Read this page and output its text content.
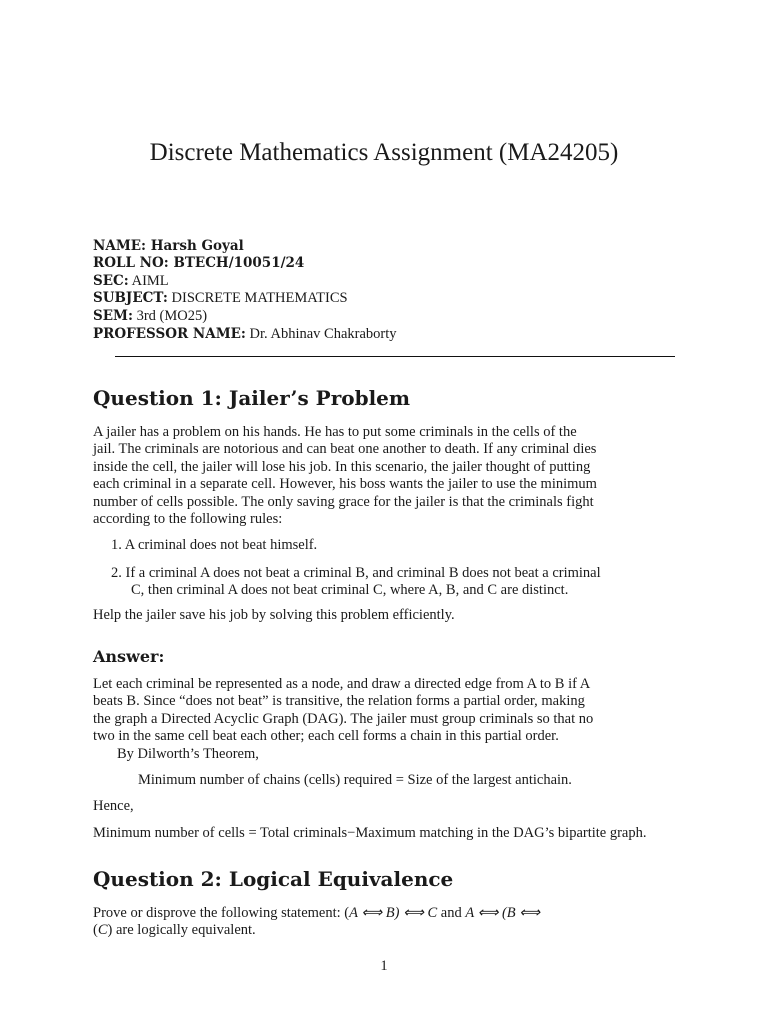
Discrete Mathematics Assignment (MA24205)
NAME: Harsh Goyal
ROLL NO: BTECH/10051/24
SEC: AIML
SUBJECT: DISCRETE MATHEMATICS
SEM: 3rd (MO25)
PROFESSOR NAME: Dr. Abhinav Chakraborty
Question 1: Jailer’s Problem
A jailer has a problem on his hands. He has to put some criminals in the cells of the
jail. The criminals are notorious and can beat one another to death. If any criminal dies
inside the cell, the jailer will lose his job. In this scenario, the jailer thought of putting
each criminal in a separate cell. However, his boss wants the jailer to use the minimum
number of cells possible. The only saving grace for the jailer is that the criminals fight
according to the following rules:
1. A criminal does not beat himself.
2. If a criminal A does not beat a criminal B, and criminal B does not beat a criminal
C, then criminal A does not beat criminal C, where A, B, and C are distinct.
Help the jailer save his job by solving this problem efficiently.
Answer:
Let each criminal be represented as a node, and draw a directed edge from A to B if A
beats B. Since “does not beat” is transitive, the relation forms a partial order, making
the graph a Directed Acyclic Graph (DAG). The jailer must group criminals so that no
two in the same cell beat each other; each cell forms a chain in this partial order.
By Dilworth’s Theorem,
Minimum number of chains (cells) required = Size of the largest antichain.
Hence,
Minimum number of cells = Total criminals−Maximum matching in the DAG’s bipartite graph.
Question 2: Logical Equivalence
Prove or disprove the following statement: (A ⟺ B) ⟺ C and A ⟺ (B ⟺
(C) are logically equivalent.
1
